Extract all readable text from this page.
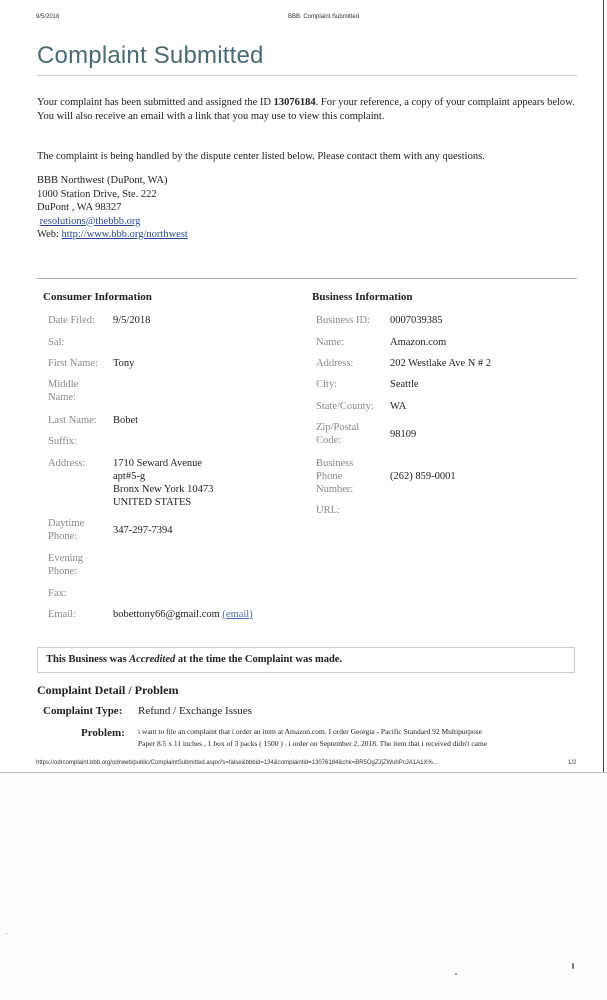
9/5/2018	BBB: Complaint Submitted
Complaint Submitted
Your complaint has been submitted and assigned the ID 13076184. For your reference, a copy of your complaint appears below. You will also receive an email with a link that you may use to view this complaint.
The complaint is being handled by the dispute center listed below. Please contact them with any questions.
BBB Northwest (DuPont, WA)
1000 Station Drive, Ste. 222
DuPont , WA 98327
resolutions@thebbb.org
Web: http://www.bbb.org/northwest
Consumer Information
Date Filed: 9/5/2018
Sal:
First Name: Tony
Middle
Name:
Last Name: Bobet
Suffix:
Address:	1710 Seward Avenue
apt#5-g
Bronx New York 10473
UNITED STATES
Daytime
Phone:
347-297-7394
Evening
Phone:
Fax:
Email:	bobettony66@gmail.com (email)
Business Information
Business ID: 0007039385
Name:	Amazon.com
Address:	202 Westlake Ave N # 2
City:	Seattle
State/County: WA
Zip/Postal
Code:
98109
Business
Phone
Number:
(262) 859-0001
URL:
This Business was Accredited at the time the Complaint was made.
Complaint Detail / Problem
Complaint Type: Refund / Exchange Issues
Problem: i want to file an complaint that i order an item at Amazon.com. I order Georgia - Pacific Standard 92 Multipurpose
Paper 8.5 x 11 inches , 1 box of 3 packs ( 1500 ) . i order on September 2, 2018. The item that i received didn't came
https://odrcomplaint.bbb.org/odrweb/public/ComplaintSubmitted.aspx?s=false&bbbid=134&complaintid=13076184&chk=BR5OgZJjZWuhPcJA1A1X%...	1/2
